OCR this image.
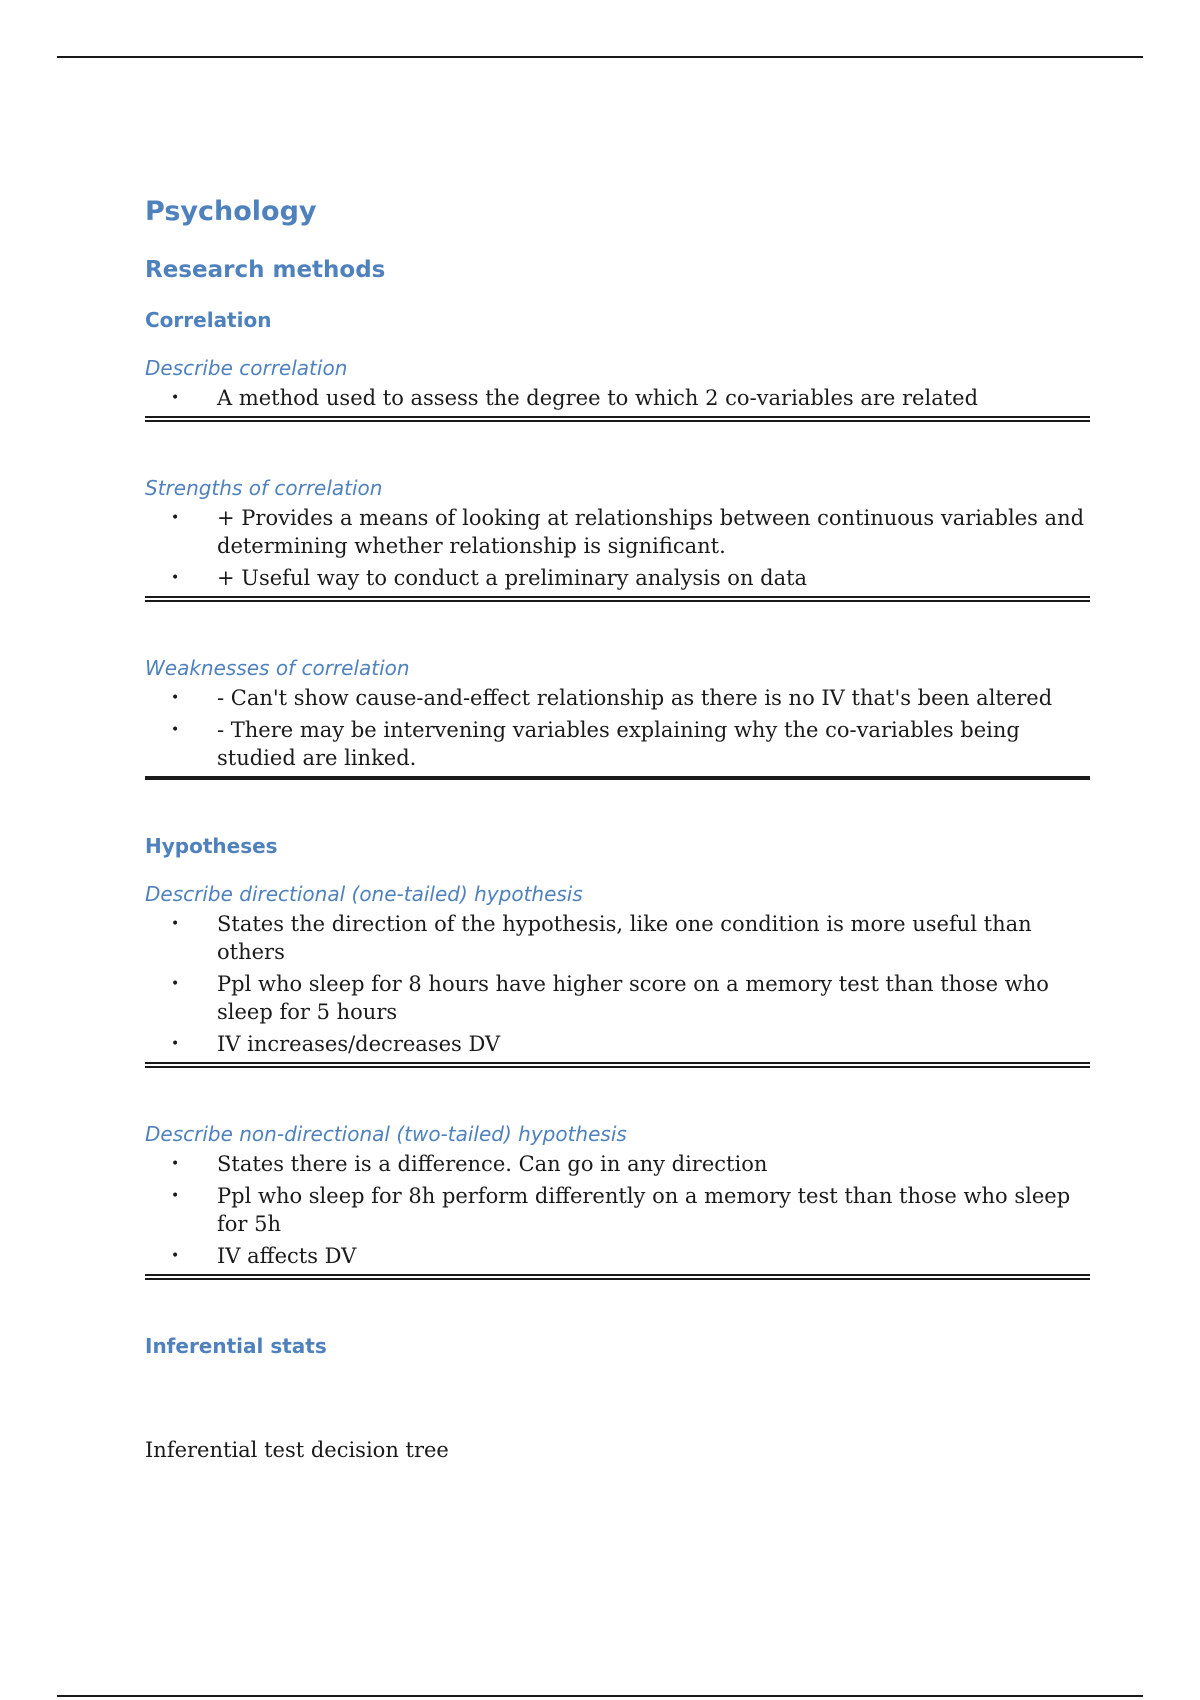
Psychology
Research methods
Correlation
Describe correlation
• A method used to assess the degree to which 2 co-variables are related
Strengths of correlation
• + Provides a means of looking at relationships between continuous variables and determining whether relationship is significant.
• + Useful way to conduct a preliminary analysis on data
Weaknesses of correlation
• - Can't show cause-and-effect relationship as there is no IV that's been altered
• - There may be intervening variables explaining why the co-variables being studied are linked.
Hypotheses
Describe directional (one-tailed) hypothesis
• States the direction of the hypothesis, like one condition is more useful than others
• Ppl who sleep for 8 hours have higher score on a memory test than those who sleep for 5 hours
• IV increases/decreases DV
Describe non-directional (two-tailed) hypothesis
• States there is a difference. Can go in any direction
• Ppl who sleep for 8h perform differently on a memory test than those who sleep for 5h
• IV affects DV
Inferential stats
Inferential test decision tree
